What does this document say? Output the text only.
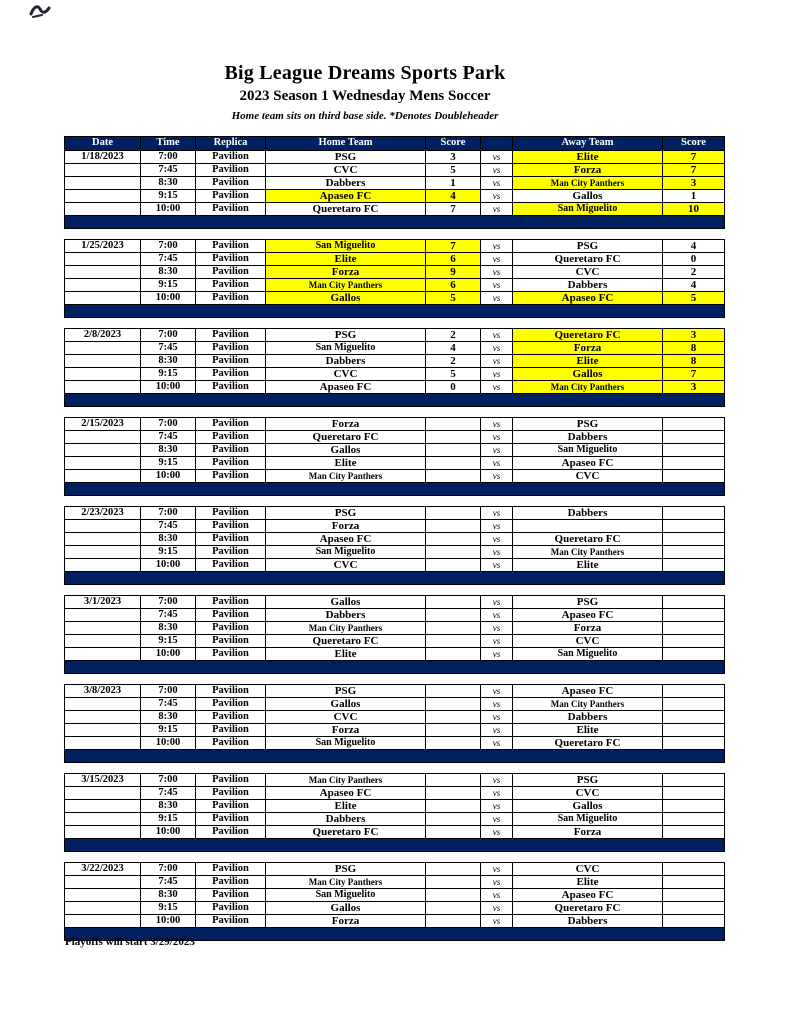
Big League Dreams Sports Park
2023 Season 1 Wednesday Mens Soccer
Home team sits on third base side. *Denotes Doubleheader
Date	Time	Replica	Home Team	Score	Away Team	Score
1/18/2023	7:00	Pavilion	PSG	3	vs	Elite	7
7:45	Pavilion	CVC	5	vs	Forza	7
8:30	Pavilion	Dabbers	1	vs	Man City Panthers	3
9:15	Pavilion	Apaseo FC	4	vs	Gallos	1
10:00	Pavilion	Queretaro FC	7	vs	San Miguelito	10
1/25/2023	7:00	Pavilion	San Miguelito	7	vs	PSG	4
7:45	Pavilion	Elite	6	vs	Queretaro FC	0
8:30	Pavilion	Forza	9	vs	CVC	2
9:15	Pavilion	Man City Panthers	6	vs	Dabbers	4
10:00	Pavilion	Gallos	5	vs	Apaseo FC	5
2/8/2023	7:00	Pavilion	PSG	2	vs	Queretaro FC	3
7:45	Pavilion	San Miguelito	4	vs	Forza	8
8:30	Pavilion	Dabbers	2	vs	Elite	8
9:15	Pavilion	CVC	5	vs	Gallos	7
10:00	Pavilion	Apaseo FC	0	vs	Man City Panthers	3
2/15/2023	7:00	Pavilion	Forza	vs	PSG
7:45	Pavilion	Queretaro FC	vs	Dabbers
8:30	Pavilion	Gallos	vs	San Miguelito
9:15	Pavilion	Elite	vs	Apaseo FC
10:00	Pavilion	Man City Panthers	vs	CVC
2/23/2023	7:00	Pavilion	PSG	vs	Dabbers
7:45	Pavilion	Forza	vs
8:30	Pavilion	Apaseo FC	vs	Queretaro FC
9:15	Pavilion	San Miguelito	vs	Man City Panthers
10:00	Pavilion	CVC	vs	Elite
3/1/2023	7:00	Pavilion	Gallos	vs	PSG
7:45	Pavilion	Dabbers	vs	Apaseo FC
8:30	Pavilion	Man City Panthers	vs	Forza
9:15	Pavilion	Queretaro FC	vs	CVC
10:00	Pavilion	Elite	vs	San Miguelito
3/8/2023	7:00	Pavilion	PSG	vs	Apaseo FC
7:45	Pavilion	Gallos	vs	Man City Panthers
8:30	Pavilion	CVC	vs	Dabbers
9:15	Pavilion	Forza	vs	Elite
10:00	Pavilion	San Miguelito	vs	Queretaro FC
3/15/2023	7:00	Pavilion	Man City Panthers	vs	PSG
7:45	Pavilion	Apaseo FC	vs	CVC
8:30	Pavilion	Elite	vs	Gallos
9:15	Pavilion	Dabbers	vs	San Miguelito
10:00	Pavilion	Queretaro FC	vs	Forza
3/22/2023	7:00	Pavilion	PSG	vs	CVC
7:45	Pavilion	Man City Panthers	vs	Elite
8:30	Pavilion	San Miguelito	vs	Apaseo FC
9:15	Pavilion	Gallos	vs	Queretaro FC
10:00	Pavilion	Forza	vs	Dabbers
Playoffs will start 3/29/2023
